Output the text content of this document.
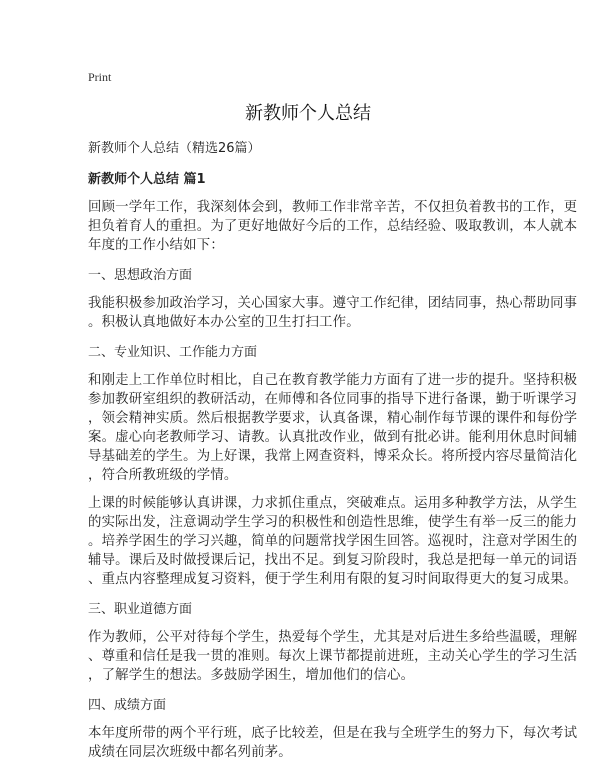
Print
新教师个人总结
新教师个人总结（精选26篇）
新教师个人总结 篇1
回顾一学年工作，我深刻体会到，教师工作非常辛苦，不仅担负着教书的工作，更
担负着育人的重担。为了更好地做好今后的工作，总结经验、吸取教训，本人就本
年度的工作小结如下：
一、思想政治方面
我能积极参加政治学习，关心国家大事。遵守工作纪律，团结同事，热心帮助同事
。积极认真地做好本办公室的卫生打扫工作。
二、专业知识、工作能力方面
和刚走上工作单位时相比，自己在教育教学能力方面有了进一步的提升。坚持积极
参加教研室组织的教研活动，在师傅和各位同事的指导下进行备课，勤于听课学习
，领会精神实质。然后根据教学要求，认真备课，精心制作每节课的课件和每份学
案。虚心向老教师学习、请教。认真批改作业，做到有批必讲。能利用休息时间辅
导基础差的学生。为上好课，我常上网查资料，博采众长。将所授内容尽量简洁化
，符合所教班级的学情。
上课的时候能够认真讲课，力求抓住重点，突破难点。运用多种教学方法，从学生
的实际出发，注意调动学生学习的积极性和创造性思维，使学生有举一反三的能力
。培养学困生的学习兴趣，简单的问题常找学困生回答。巡视时，注意对学困生的
辅导。课后及时做授课后记，找出不足。到复习阶段时，我总是把每一单元的词语
、重点内容整理成复习资料，便于学生利用有限的复习时间取得更大的复习成果。
三、职业道德方面
作为教师，公平对待每个学生，热爱每个学生，尤其是对后进生多给些温暖，理解
、尊重和信任是我一贯的准则。每次上课节都提前进班，主动关心学生的学习生活
，了解学生的想法。多鼓励学困生，增加他们的信心。
四、成绩方面
本年度所带的两个平行班，底子比较差，但是在我与全班学生的努力下，每次考试
成绩在同层次班级中都名列前茅。
